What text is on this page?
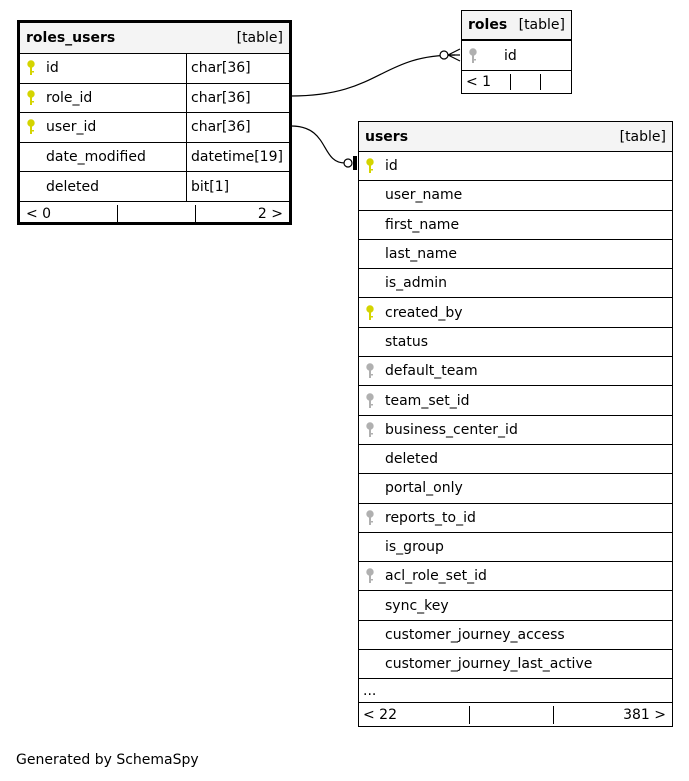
roles_users	[table]
id	char[36]
role_id	char[36]
user_id	char[36]
date_modified	datetime[19]
deleted	bit[1]
< 0	2 >
roles [table]
id
< 1
users	[table]
id
user_name
first_name
last_name
is_admin
created_by
status
default_team
team_set_id
business_center_id
deleted
portal_only
reports_to_id
is_group
acl_role_set_id
sync_key
customer_journey_access
customer_journey_last_active
...
< 22	381 >
Generated by SchemaSpy
